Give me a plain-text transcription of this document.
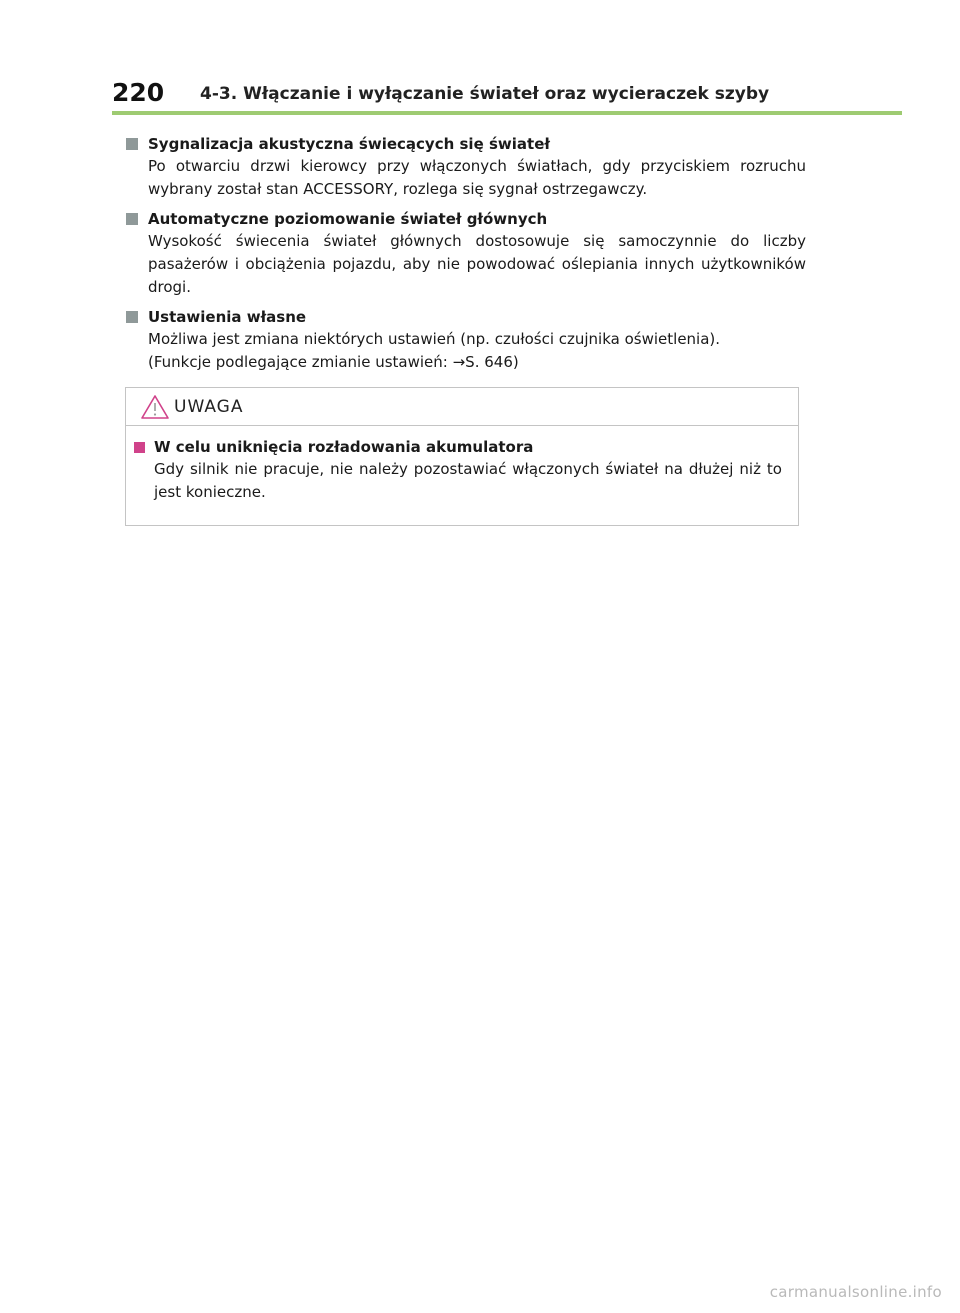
220 4-3. Włączanie i wyłączanie świateł oraz wycieraczek szyby
Sygnalizacja akustyczna świecących się świateł

Po otwarciu drzwi kierowcy przy włączonych światłach, gdy przyciskiem rozruchu wybrany został stan ACCESSORY, rozlega się sygnał ostrzegawczy.

Automatyczne poziomowanie świateł głównych

Wysokość świecenia świateł głównych dostosowuje się samoczynnie do liczby pasażerów i obciążenia pojazdu, aby nie powodować oślepiania innych użytkowników drogi.

Ustawienia własne

Możliwa jest zmiana niektórych ustawień (np. czułości czujnika oświetlenia).

(Funkcje podlegające zmianie ustawień: →S. 646)

UWAGA
W celu uniknięcia rozładowania akumulatora

Gdy silnik nie pracuje, nie należy pozostawiać włączonych świateł na dłużej niż to jest konieczne.

carmanualsonline.info
